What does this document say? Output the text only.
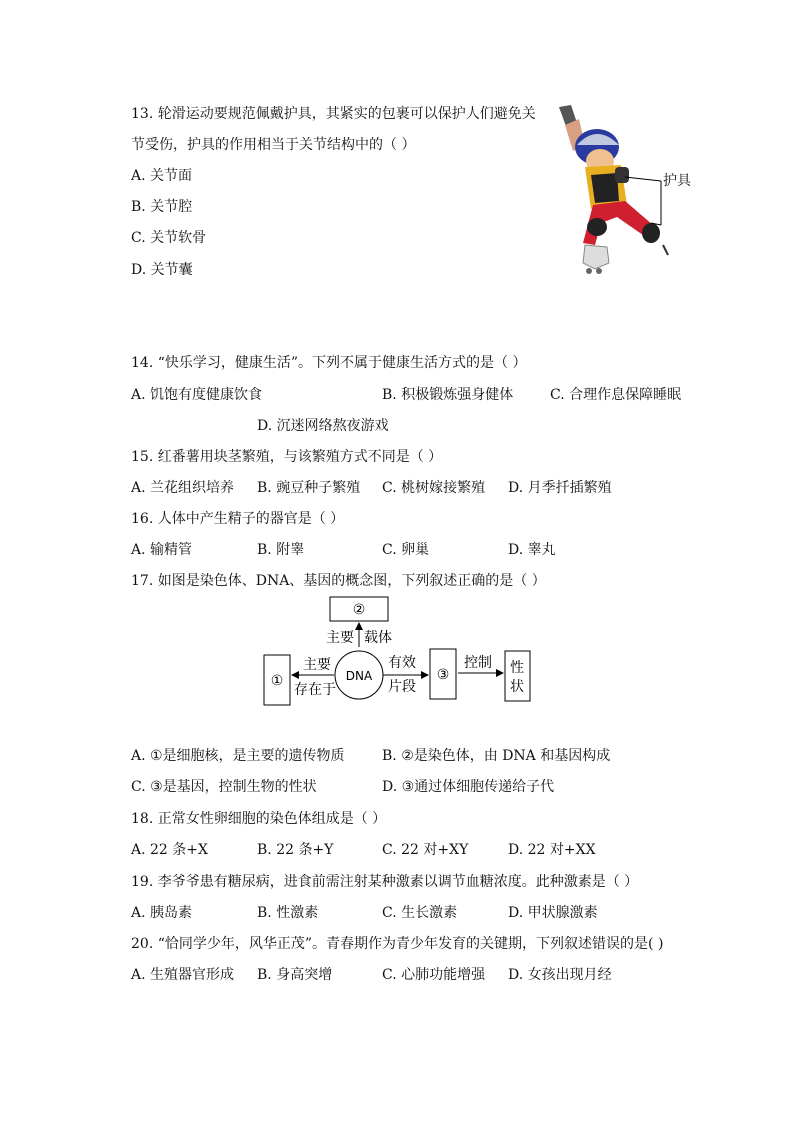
13. 轮滑运动要规范佩戴护具，其紧实的包裹可以保护人们避免关
节受伤，护具的作用相当于关节结构中的（ ）
A. 关节面
B. 关节腔
C. 关节软骨
D. 关节囊
护具
14. “快乐学习，健康生活”。下列不属于健康生活方式的是（ ）
A. 饥饱有度健康饮食	B. 积极锻炼强身健体	C. 合理作息保障睡眠
D. 沉迷网络熬夜游戏
15. 红番薯用块茎繁殖，与该繁殖方式不同是（ ）
A. 兰花组织培养 B. 豌豆种子繁殖 C. 桃树嫁接繁殖 D. 月季扦插繁殖
16. 人体中产生精子的器官是（ ）
A. 输精管	B. 附睾	C. 卵巢	D. 睾丸
17. 如图是染色体、DNA、基因的概念图，下列叙述正确的是（ ）
②
主要 载体
DNA
①
主要
存在于
③
有效
片段
控制 性
状
A. ①是细胞核，是主要的遗传物质	B. ②是染色体，由 DNA 和基因构成
C. ③是基因，控制生物的性状	D. ③通过体细胞传递给子代
18. 正常女性卵细胞的染色体组成是（ ）
A. 22 条+X	B. 22 条+Y	C. 22 对+XY	D. 22 对+XX
19. 李爷爷患有糖尿病，进食前需注射某种激素以调节血糖浓度。此种激素是（ ）
A. 胰岛素	B. 性激素	C. 生长激素	D. 甲状腺激素
20. “恰同学少年，风华正茂”。青春期作为青少年发育的关键期，下列叙述错误的是( )
A. 生殖器官形成 B. 身高突增	C. 心肺功能增强 D. 女孩出现月经
